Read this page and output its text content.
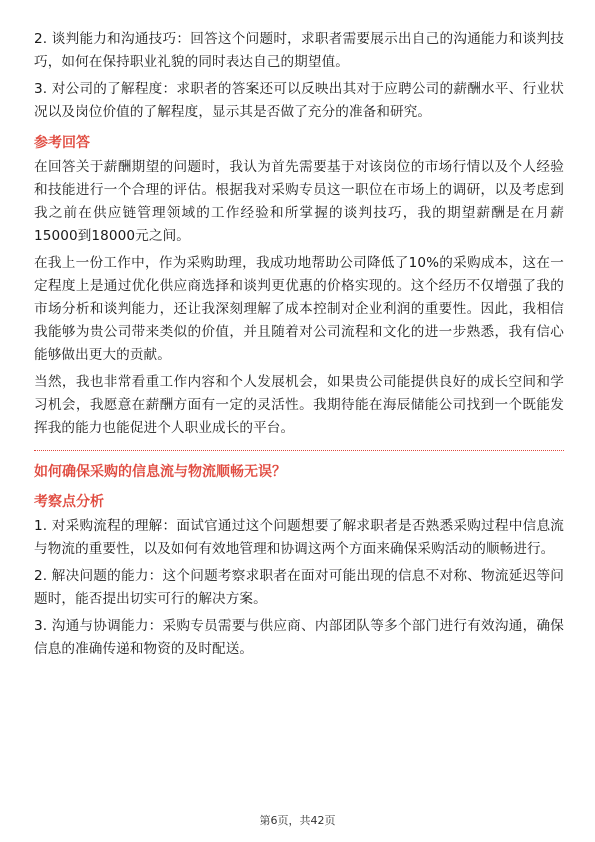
2. 谈判能力和沟通技巧：回答这个问题时，求职者需要展示出自己的沟通能力和谈判技巧，如何在保持职业礼貌的同时表达自己的期望值。

3. 对公司的了解程度：求职者的答案还可以反映出其对于应聘公司的薪酬水平、行业状况以及岗位价值的了解程度，显示其是否做了充分的准备和研究。

参考回答

在回答关于薪酬期望的问题时，我认为首先需要基于对该岗位的市场行情以及个人经验和技能进行一个合理的评估。根据我对采购专员这一职位在市场上的调研，以及考虑到我之前在供应链管理领域的工作经验和所掌握的谈判技巧，我的期望薪酬是在月薪15000到18000元之间。

在我上一份工作中，作为采购助理，我成功地帮助公司降低了10%的采购成本，这在一定程度上是通过优化供应商选择和谈判更优惠的价格实现的。这个经历不仅增强了我的市场分析和谈判能力，还让我深刻理解了成本控制对企业利润的重要性。因此，我相信我能够为贵公司带来类似的价值，并且随着对公司流程和文化的进一步熟悉，我有信心能够做出更大的贡献。

当然，我也非常看重工作内容和个人发展机会，如果贵公司能提供良好的成长空间和学习机会，我愿意在薪酬方面有一定的灵活性。我期待能在海辰储能公司找到一个既能发挥我的能力也能促进个人职业成长的平台。

如何确保采购的信息流与物流顺畅无误？
考察点分析

1. 对采购流程的理解：面试官通过这个问题想要了解求职者是否熟悉采购过程中信息流与物流的重要性，以及如何有效地管理和协调这两个方面来确保采购活动的顺畅进行。

2. 解决问题的能力：这个问题考察求职者在面对可能出现的信息不对称、物流延迟等问题时，能否提出切实可行的解决方案。

3. 沟通与协调能力：采购专员需要与供应商、内部团队等多个部门进行有效沟通，确保信息的准确传递和物资的及时配送。

第6页，共42页
